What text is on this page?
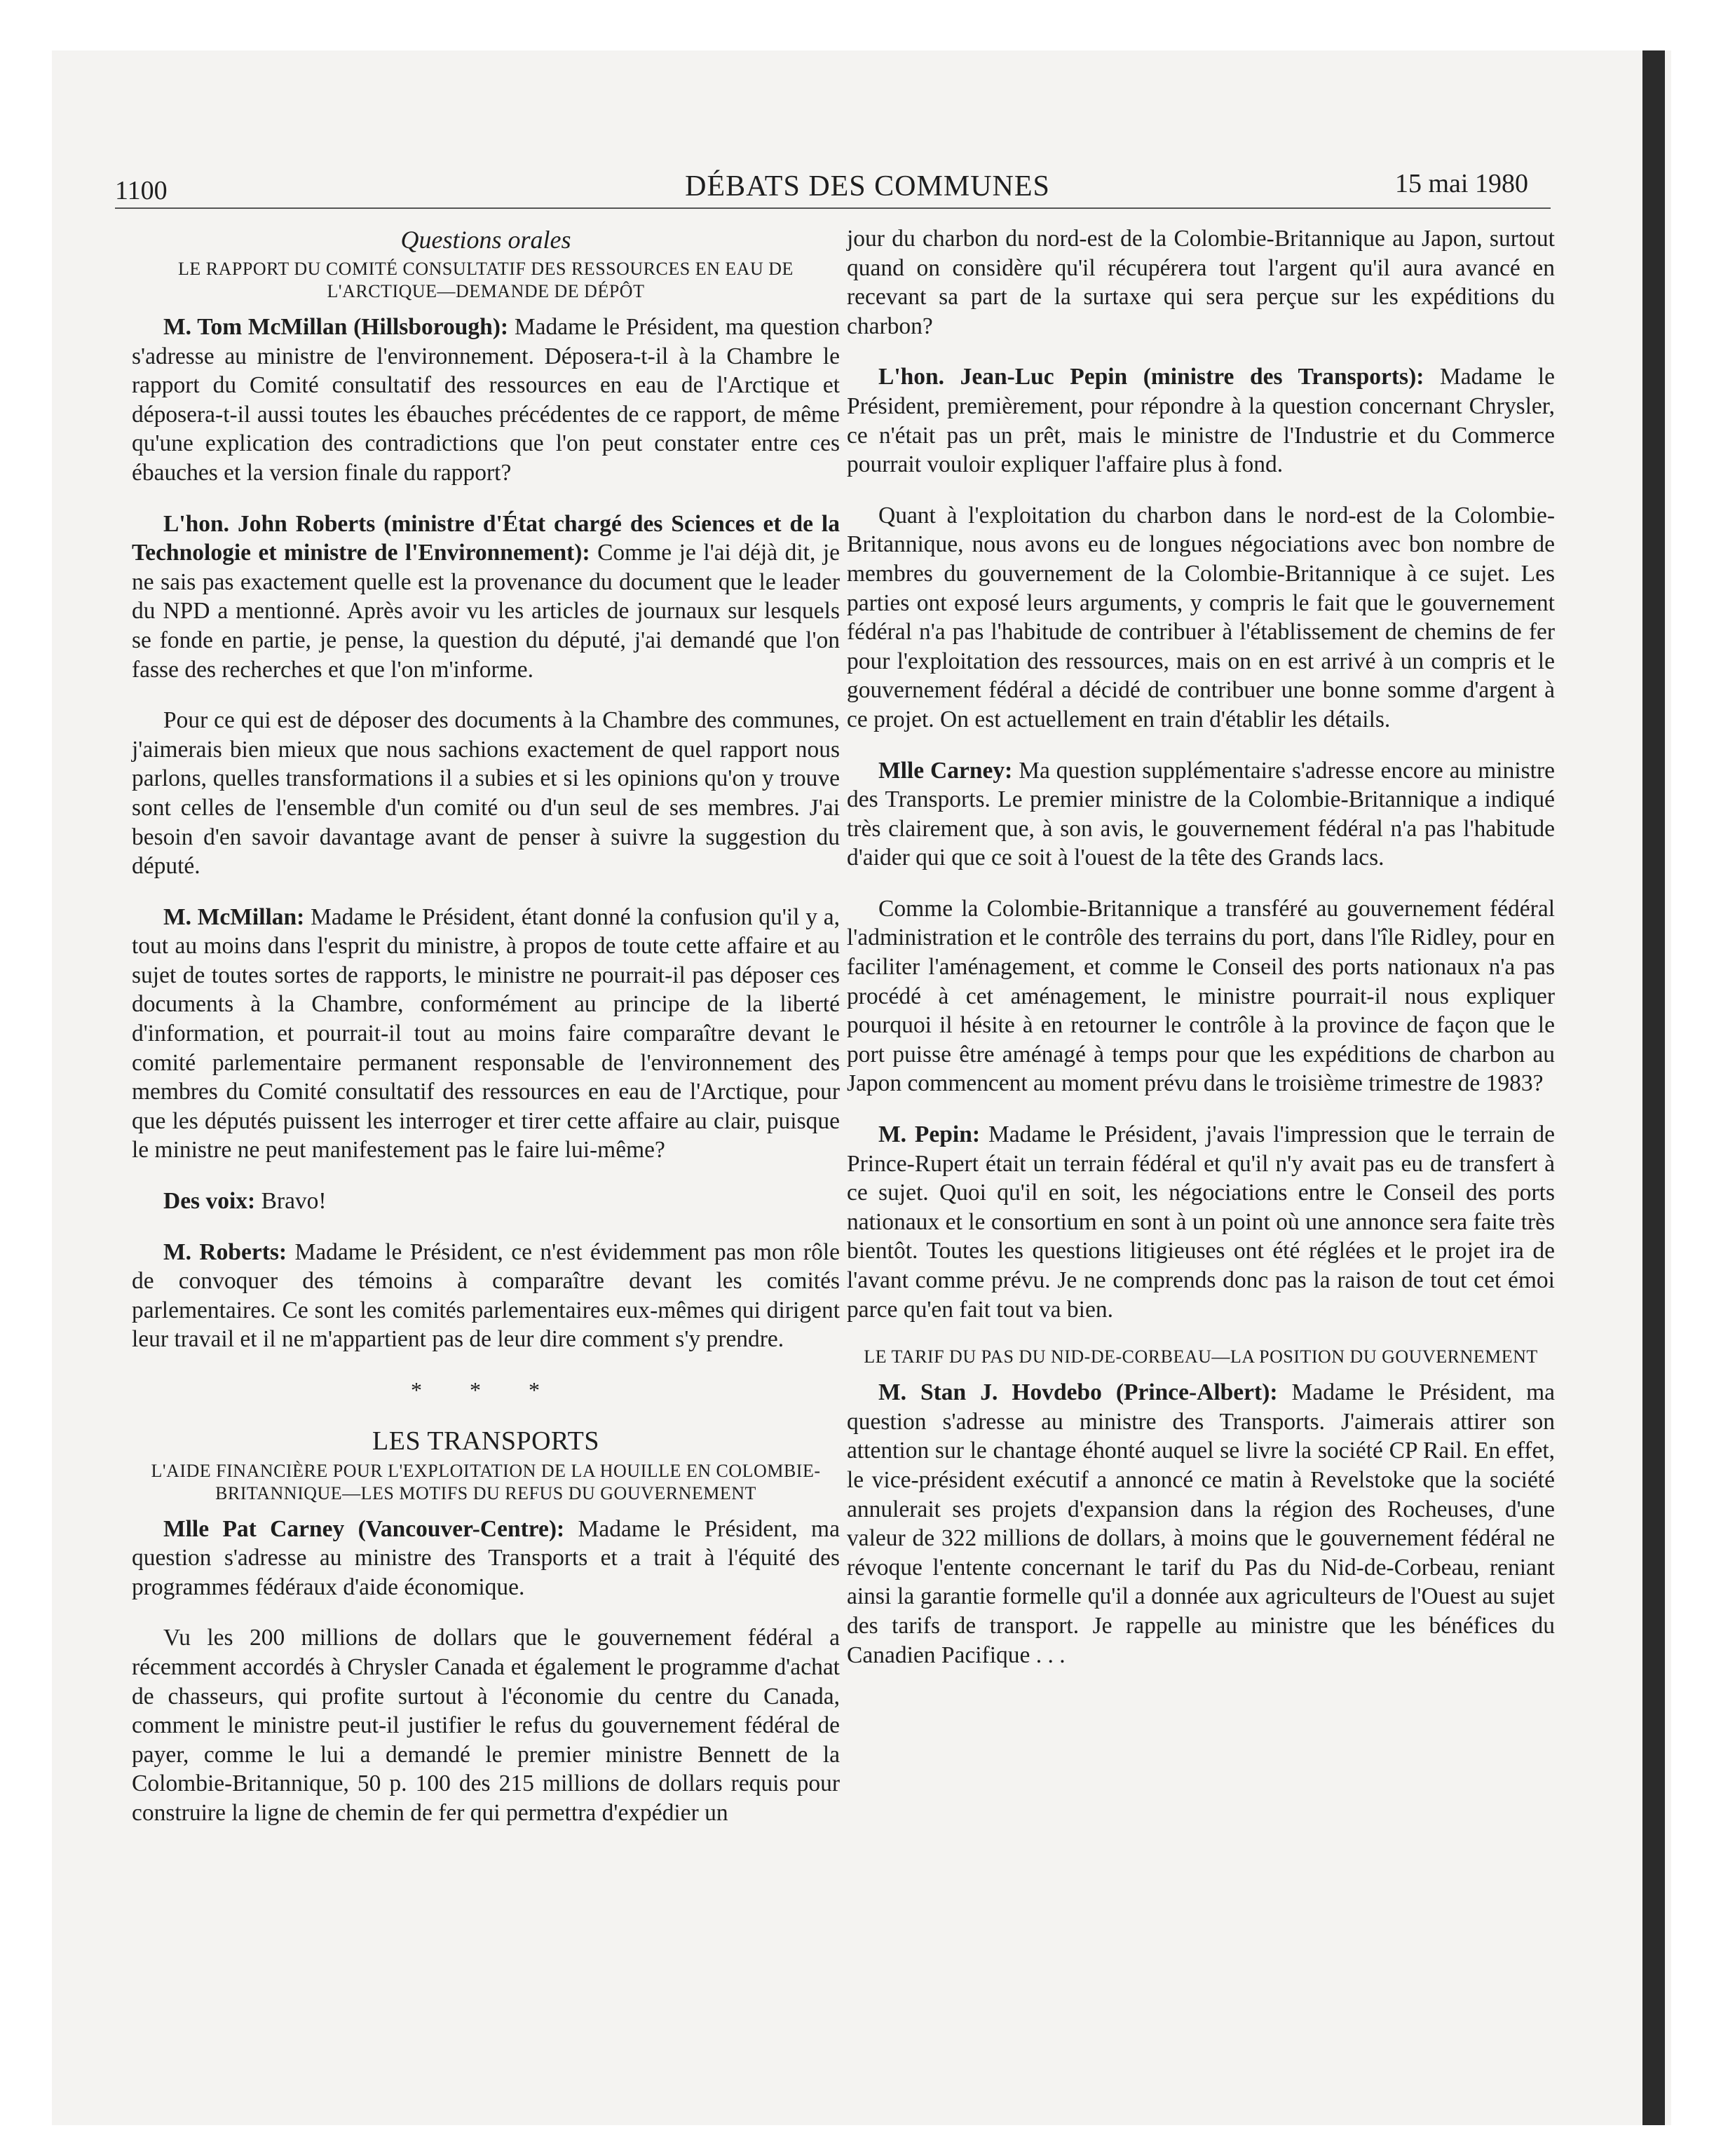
1100	DÉBATS DES COMMUNES	15 mai 1980
Questions orales
LE RAPPORT DU COMITÉ CONSULTATIF DES RESSOURCES EN EAU DE L'ARCTIQUE—DEMANDE DE DÉPÔT

M. Tom McMillan (Hillsborough): Madame le Président, ma question s'adresse au ministre de l'environnement. Déposera-t-il à la Chambre le rapport du Comité consultatif des ressources en eau de l'Arctique et déposera-t-il aussi toutes les ébauches précédentes de ce rapport, de même qu'une explication des contradictions que l'on peut constater entre ces ébauches et la version finale du rapport?

L'hon. John Roberts (ministre d'État chargé des Sciences et de la Technologie et ministre de l'Environnement): Comme je l'ai déjà dit, je ne sais pas exactement quelle est la provenance du document que le leader du NPD a mentionné. Après avoir vu les articles de journaux sur lesquels se fonde en partie, je pense, la question du député, j'ai demandé que l'on fasse des recherches et que l'on m'informe.

Pour ce qui est de déposer des documents à la Chambre des communes, j'aimerais bien mieux que nous sachions exactement de quel rapport nous parlons, quelles transformations il a subies et si les opinions qu'on y trouve sont celles de l'ensemble d'un comité ou d'un seul de ses membres. J'ai besoin d'en savoir davantage avant de penser à suivre la suggestion du député.

M. McMillan: Madame le Président, étant donné la confusion qu'il y a, tout au moins dans l'esprit du ministre, à propos de toute cette affaire et au sujet de toutes sortes de rapports, le ministre ne pourrait-il pas déposer ces documents à la Chambre, conformément au principe de la liberté d'information, et pourrait-il tout au moins faire comparaître devant le comité parlementaire permanent responsable de l'environnement des membres du Comité consultatif des ressources en eau de l'Arctique, pour que les députés puissent les interroger et tirer cette affaire au clair, puisque le ministre ne peut manifestement pas le faire lui-même?

Des voix: Bravo!

M. Roberts: Madame le Président, ce n'est évidemment pas mon rôle de convoquer des témoins à comparaître devant les comités parlementaires. Ce sont les comités parlementaires eux-mêmes qui dirigent leur travail et il ne m'appartient pas de leur dire comment s'y prendre.

* * *
LES TRANSPORTS
L'AIDE FINANCIÈRE POUR L'EXPLOITATION DE LA HOUILLE EN COLOMBIE-BRITANNIQUE—LES MOTIFS DU REFUS DU GOUVERNEMENT

Mlle Pat Carney (Vancouver-Centre): Madame le Président, ma question s'adresse au ministre des Transports et a trait à l'équité des programmes fédéraux d'aide économique.

Vu les 200 millions de dollars que le gouvernement fédéral a récemment accordés à Chrysler Canada et également le programme d'achat de chasseurs, qui profite surtout à l'économie du centre du Canada, comment le ministre peut-il justifier le refus du gouvernement fédéral de payer, comme le lui a demandé le premier ministre Bennett de la Colombie-Britannique, 50 p. 100 des 215 millions de dollars requis pour construire la ligne de chemin de fer qui permettra d'expédier un

jour du charbon du nord-est de la Colombie-Britannique au Japon, surtout quand on considère qu'il récupérera tout l'argent qu'il aura avancé en recevant sa part de la surtaxe qui sera perçue sur les expéditions du charbon?

L'hon. Jean-Luc Pepin (ministre des Transports): Madame le Président, premièrement, pour répondre à la question concernant Chrysler, ce n'était pas un prêt, mais le ministre de l'Industrie et du Commerce pourrait vouloir expliquer l'affaire plus à fond.

Quant à l'exploitation du charbon dans le nord-est de la Colombie-Britannique, nous avons eu de longues négociations avec bon nombre de membres du gouvernement de la Colombie-Britannique à ce sujet. Les parties ont exposé leurs arguments, y compris le fait que le gouvernement fédéral n'a pas l'habitude de contribuer à l'établissement de chemins de fer pour l'exploitation des ressources, mais on en est arrivé à un compris et le gouvernement fédéral a décidé de contribuer une bonne somme d'argent à ce projet. On est actuellement en train d'établir les détails.

Mlle Carney: Ma question supplémentaire s'adresse encore au ministre des Transports. Le premier ministre de la Colombie-Britannique a indiqué très clairement que, à son avis, le gouvernement fédéral n'a pas l'habitude d'aider qui que ce soit à l'ouest de la tête des Grands lacs.

Comme la Colombie-Britannique a transféré au gouvernement fédéral l'administration et le contrôle des terrains du port, dans l'île Ridley, pour en faciliter l'aménagement, et comme le Conseil des ports nationaux n'a pas procédé à cet aménagement, le ministre pourrait-il nous expliquer pourquoi il hésite à en retourner le contrôle à la province de façon que le port puisse être aménagé à temps pour que les expéditions de charbon au Japon commencent au moment prévu dans le troisième trimestre de 1983?

M. Pepin: Madame le Président, j'avais l'impression que le terrain de Prince-Rupert était un terrain fédéral et qu'il n'y avait pas eu de transfert à ce sujet. Quoi qu'il en soit, les négociations entre le Conseil des ports nationaux et le consortium en sont à un point où une annonce sera faite très bientôt. Toutes les questions litigieuses ont été réglées et le projet ira de l'avant comme prévu. Je ne comprends donc pas la raison de tout cet émoi parce qu'en fait tout va bien.

LE TARIF DU PAS DU NID-DE-CORBEAU—LA POSITION DU GOUVERNEMENT

M. Stan J. Hovdebo (Prince-Albert): Madame le Président, ma question s'adresse au ministre des Transports. J'aimerais attirer son attention sur le chantage éhonté auquel se livre la société CP Rail. En effet, le vice-président exécutif a annoncé ce matin à Revelstoke que la société annulerait ses projets d'expansion dans la région des Rocheuses, d'une valeur de 322 millions de dollars, à moins que le gouvernement fédéral ne révoque l'entente concernant le tarif du Pas du Nid-de-Corbeau, reniant ainsi la garantie formelle qu'il a donnée aux agriculteurs de l'Ouest au sujet des tarifs de transport. Je rappelle au ministre que les bénéfices du Canadien Pacifique . . .
